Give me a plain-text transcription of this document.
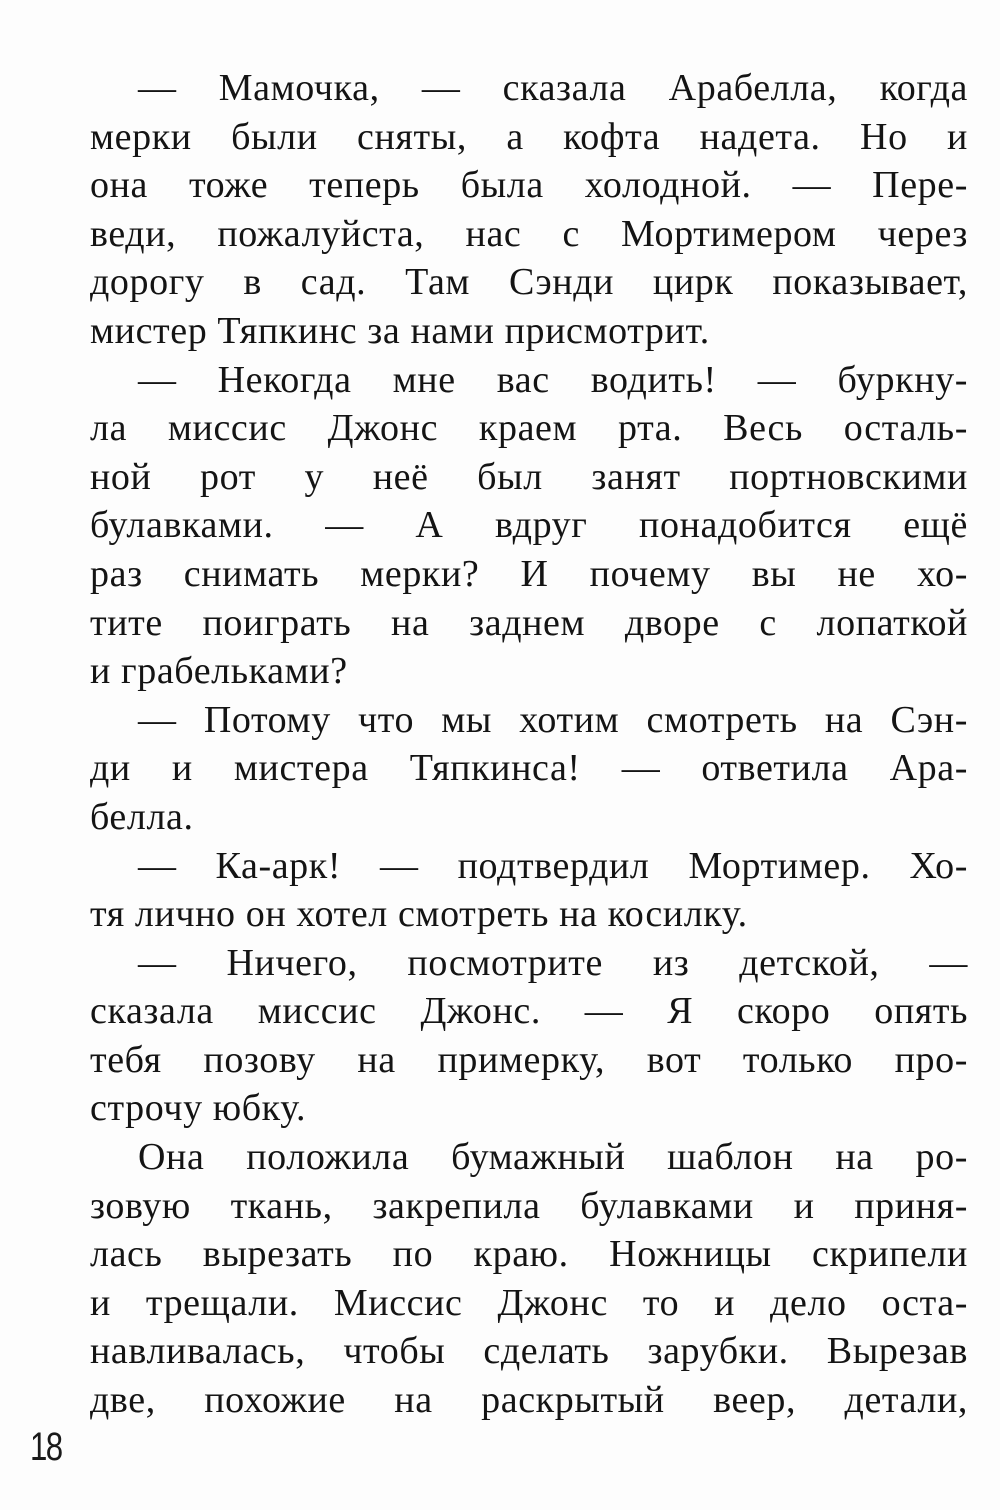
— Мамочка, — сказала Арабелла, когда
мерки были сняты, а кофта надета. Но и
она тоже теперь была холодной. — Пере-
веди, пожалуйста, нас с Мортимером через
дорогу в сад. Там Сэнди цирк показывает,
мистер Тяпкинс за нами присмотрит.
— Некогда мне вас водить! — буркну-
ла миссис Джонс краем рта. Весь осталь-
ной рот у неё был занят портновскими
булавками. — А вдруг понадобится ещё
раз снимать мерки? И почему вы не хо-
тите поиграть на заднем дворе с лопаткой
и грабельками?
— Потому что мы хотим смотреть на Сэн-
ди и мистера Тяпкинса! — ответила Ара-
белла.
— Ка-арк! — подтвердил Мортимер. Хо-
тя лично он хотел смотреть на косилку.
— Ничего, посмотрите из детской, —
сказала миссис Джонс. — Я скоро опять
тебя позову на примерку, вот только про-
строчу юбку.
Она положила бумажный шаблон на ро-
зовую ткань, закрепила булавками и приня-
лась вырезать по краю. Ножницы скрипели
и трещали. Миссис Джонс то и дело оста-
навливалась, чтобы сделать зарубки. Вырезав
две, похожие на раскрытый веер, детали,
18
